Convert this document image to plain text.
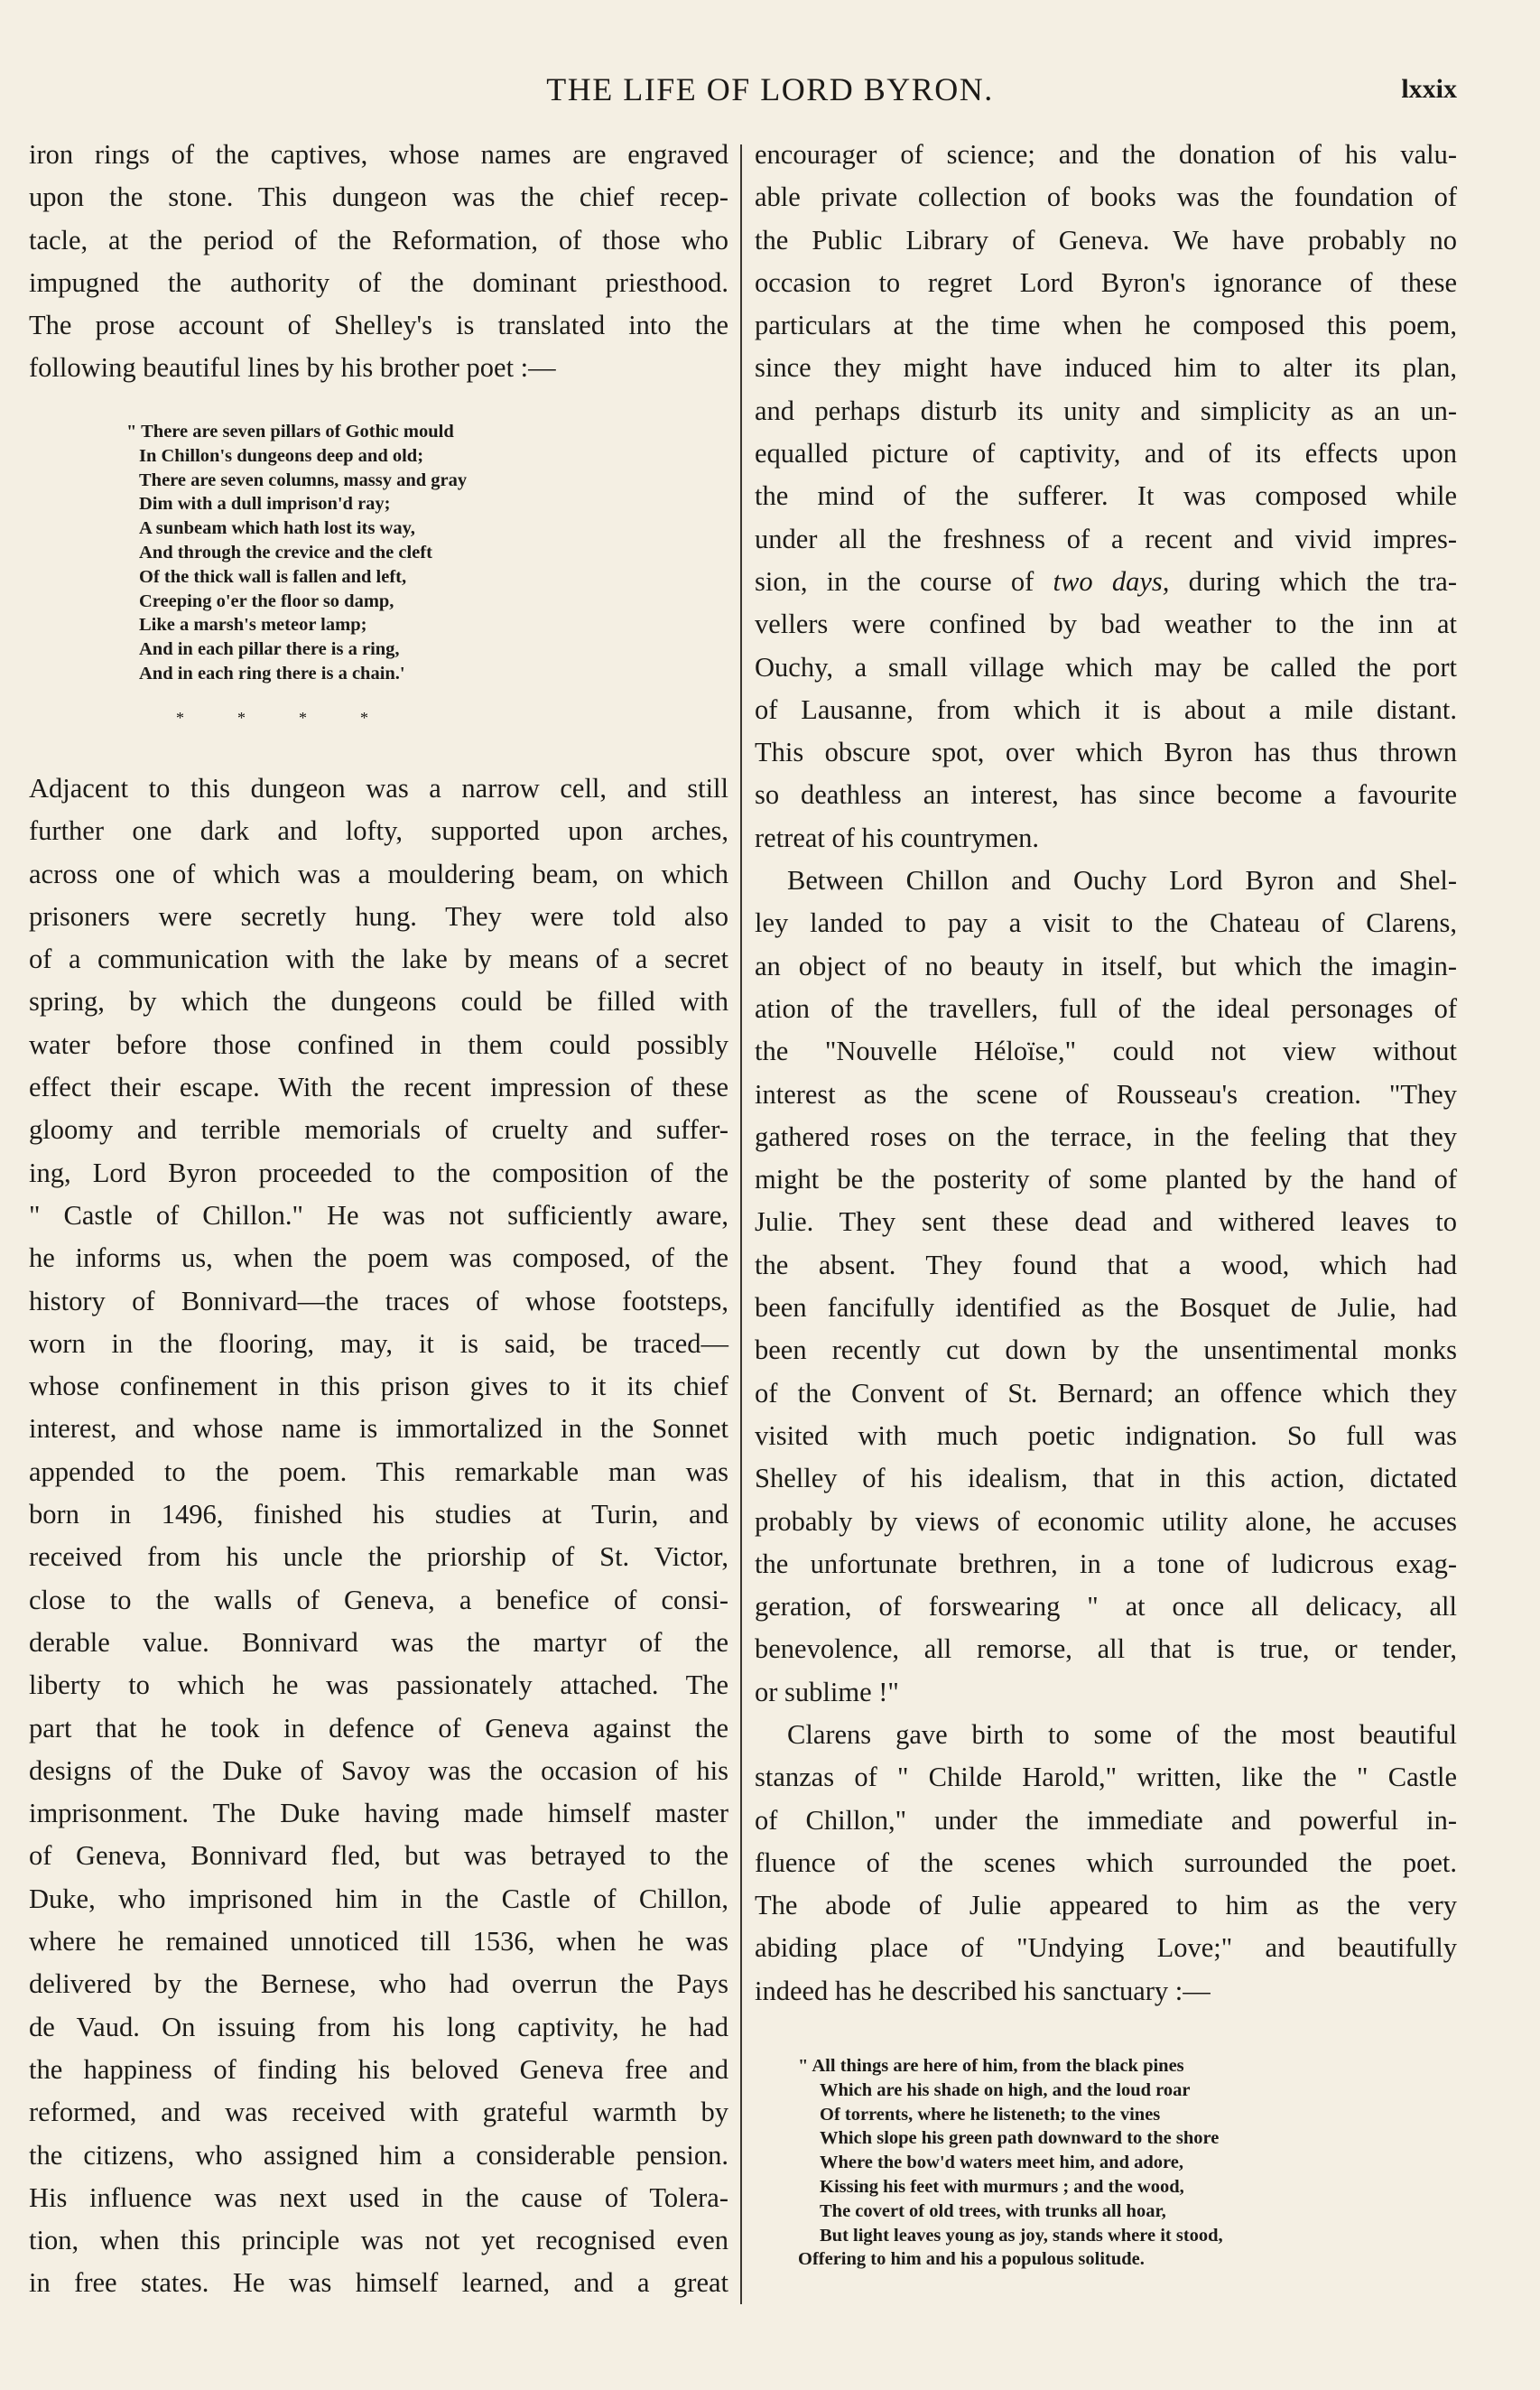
THE LIFE OF LORD BYRON.	lxxix
iron rings of the captives, whose names are engraved
upon the stone. This dungeon was the chief recep-
tacle, at the period of the Reformation, of those who
impugned the authority of the dominant priesthood.
The prose account of Shelley's is translated into the
following beautiful lines by his brother poet :—
" There are seven pillars of Gothic mould
In Chillon's dungeons deep and old;
There are seven columns, massy and gray
Dim with a dull imprison'd ray;
A sunbeam which hath lost its way,
And through the crevice and the cleft
Of the thick wall is fallen and left,
Creeping o'er the floor so damp,
Like a marsh's meteor lamp;
And in each pillar there is a ring,
And in each ring there is a chain.'
*	*	*	*
Adjacent to this dungeon was a narrow cell, and still
further one dark and lofty, supported upon arches,
across one of which was a mouldering beam, on which
prisoners were secretly hung. They were told also
of a communication with the lake by means of a secret
spring, by which the dungeons could be filled with
water before those confined in them could possibly
effect their escape. With the recent impression of these
gloomy and terrible memorials of cruelty and suffer-
ing, Lord Byron proceeded to the composition of the
" Castle of Chillon." He was not sufficiently aware,
he informs us, when the poem was composed, of the
history of Bonnivard—the traces of whose footsteps,
worn in the flooring, may, it is said, be traced—
whose confinement in this prison gives to it its chief
interest, and whose name is immortalized in the Sonnet
appended to the poem. This remarkable man was
born in 1496, finished his studies at Turin, and
received from his uncle the priorship of St. Victor,
close to the walls of Geneva, a benefice of consi-
derable value. Bonnivard was the martyr of the
liberty to which he was passionately attached. The
part that he took in defence of Geneva against the
designs of the Duke of Savoy was the occasion of his
imprisonment. The Duke having made himself master
of Geneva, Bonnivard fled, but was betrayed to the
Duke, who imprisoned him in the Castle of Chillon,
where he remained unnoticed till 1536, when he was
delivered by the Bernese, who had overrun the Pays
de Vaud. On issuing from his long captivity, he had
the happiness of finding his beloved Geneva free and
reformed, and was received with grateful warmth by
the citizens, who assigned him a considerable pension.
His influence was next used in the cause of Tolera-
tion, when this principle was not yet recognised even
in free states. He was himself learned, and a great
encourager of science; and the donation of his valu-
able private collection of books was the foundation of
the Public Library of Geneva. We have probably no
occasion to regret Lord Byron's ignorance of these
particulars at the time when he composed this poem,
since they might have induced him to alter its plan,
and perhaps disturb its unity and simplicity as an un-
equalled picture of captivity, and of its effects upon
the mind of the sufferer. It was composed while
under all the freshness of a recent and vivid impres-
sion, in the course of two days, during which the tra-
vellers were confined by bad weather to the inn at
Ouchy, a small village which may be called the port
of Lausanne, from which it is about a mile distant.
This obscure spot, over which Byron has thus thrown
so deathless an interest, has since become a favourite
retreat of his countrymen.
Between Chillon and Ouchy Lord Byron and Shel-
ley landed to pay a visit to the Chateau of Clarens,
an object of no beauty in itself, but which the imagin-
ation of the travellers, full of the ideal personages of
the "Nouvelle Héloïse," could not view without
interest as the scene of Rousseau's creation. "They
gathered roses on the terrace, in the feeling that they
might be the posterity of some planted by the hand of
Julie. They sent these dead and withered leaves to
the absent. They found that a wood, which had
been fancifully identified as the Bosquet de Julie, had
been recently cut down by the unsentimental monks
of the Convent of St. Bernard; an offence which they
visited with much poetic indignation. So full was
Shelley of his idealism, that in this action, dictated
probably by views of economic utility alone, he accuses
the unfortunate brethren, in a tone of ludicrous exag-
geration, of forswearing " at once all delicacy, all
benevolence, all remorse, all that is true, or tender,
or sublime !"
Clarens gave birth to some of the most beautiful
stanzas of " Childe Harold," written, like the " Castle
of Chillon," under the immediate and powerful in-
fluence of the scenes which surrounded the poet.
The abode of Julie appeared to him as the very
abiding place of "Undying Love;" and beautifully
indeed has he described his sanctuary :—
" All things are here of him, from the black pines
Which are his shade on high, and the loud roar
Of torrents, where he listeneth; to the vines
Which slope his green path downward to the shore
Where the bow'd waters meet him, and adore,
Kissing his feet with murmurs ; and the wood,
The covert of old trees, with trunks all hoar,
But light leaves young as joy, stands where it stood,
Offering to him and his a populous solitude.
